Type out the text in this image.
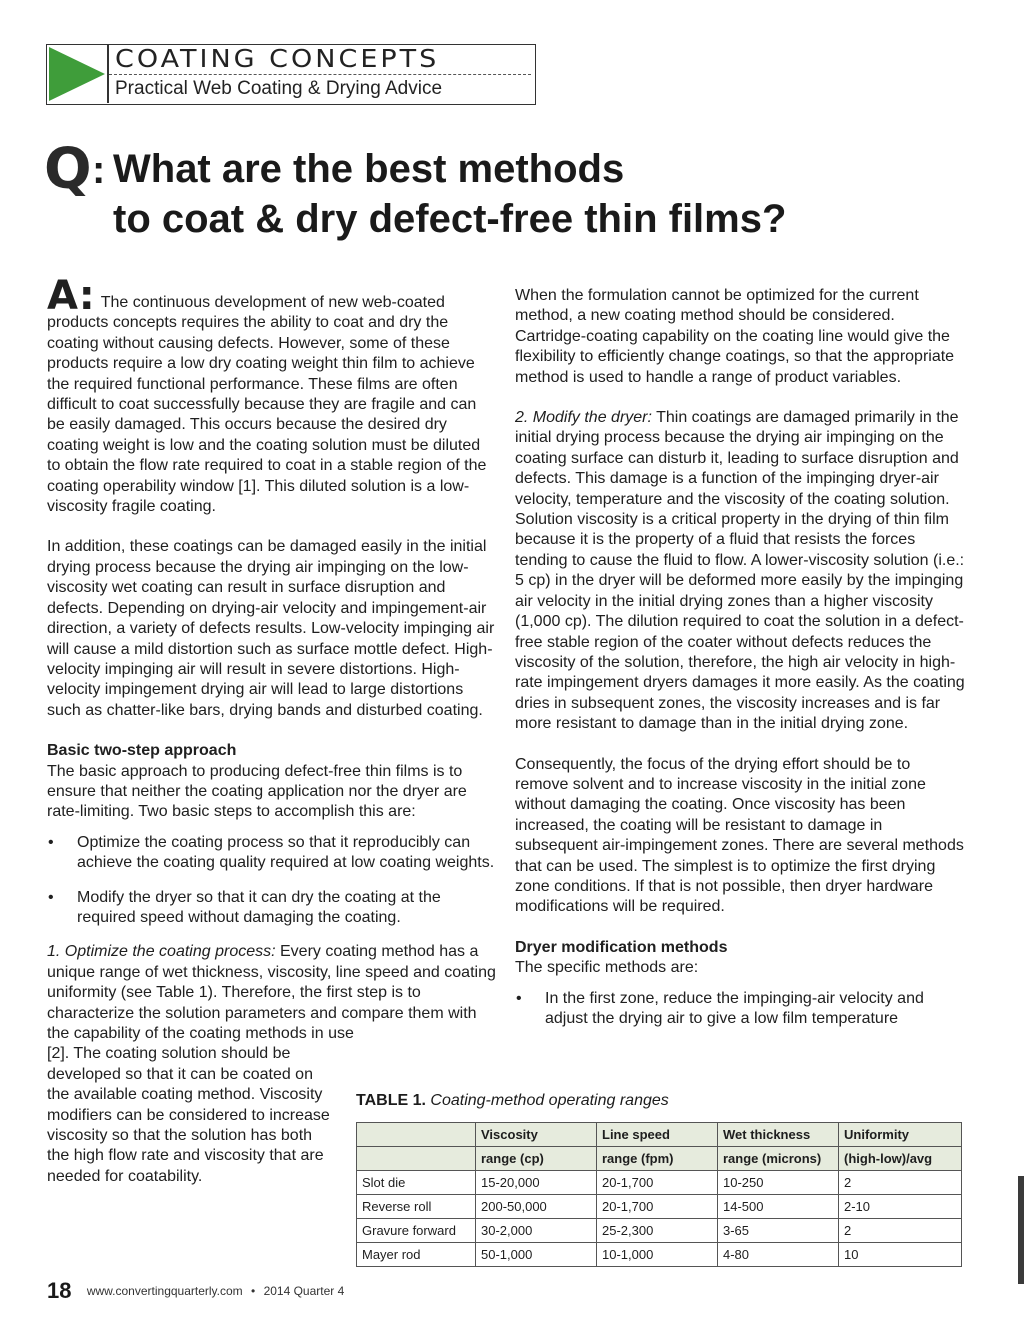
COATING CONCEPTS
Practical Web Coating & Drying Advice
Q : What are the best methods
to coat & dry defect-free thin films?

A: The continuous development of new web-coated products concepts requires the ability to coat and dry the coating without causing defects. However, some of these products require a low dry coating weight thin film to achieve the required functional performance. These films are often difficult to coat successfully because they are fragile and can be easily damaged. This occurs because the desired dry coating weight is low and the coating solution must be diluted to obtain the flow rate required to coat in a stable region of the coating operability window [1]. This diluted solution is a low-viscosity fragile coating.

In addition, these coatings can be damaged easily in the initial drying process because the drying air impinging on the low-viscosity wet coating can result in surface disruption and defects. Depending on drying-air velocity and impingement-air direction, a variety of defects results. Low-velocity impinging air will cause a mild distortion such as surface mottle defect. High-velocity impinging air will result in severe distortions. High-velocity impingement drying air will lead to large distortions such as chatter-like bars, drying bands and disturbed coating.

Basic two-step approach

The basic approach to producing defect-free thin films is to ensure that neither the coating application nor the dryer are rate-limiting. Two basic steps to accomplish this are:

• Optimize the coating process so that it reproducibly can achieve the coating quality required at low coating weights.
• Modify the dryer so that it can dry the coating at the required speed without damaging the coating.

1. Optimize the coating process: Every coating method has a unique range of wet thickness, viscosity, line speed and coating uniformity (see Table 1). Therefore, the first step is to characterize the solution parameters and compare them with the capability of the coating methods in use

[2]. The coating solution should be developed so that it can be coated on the available coating method. Viscosity modifiers can be considered to increase viscosity so that the solution has both the high flow rate and viscosity that are needed for coatability.

When the formulation cannot be optimized for the current method, a new coating method should be considered. Cartridge-coating capability on the coating line would give the flexibility to efficiently change coatings, so that the appropriate method is used to handle a range of product variables.

2. Modify the dryer: Thin coatings are damaged primarily in the initial drying process because the drying air impinging on the coating surface can disturb it, leading to surface disruption and defects. This damage is a function of the impinging dryer-air velocity, temperature and the viscosity of the coating solution. Solution viscosity is a critical property in the drying of thin film because it is the property of a fluid that resists the forces tending to cause the fluid to flow. A lower-viscosity solution (i.e.: 5 cp) in the dryer will be deformed more easily by the impinging air velocity in the initial drying zones than a higher viscosity (1,000 cp). The dilution required to coat the solution in a defect-free stable region of the coater without defects reduces the viscosity of the solution, therefore, the high air velocity in high-rate impingement dryers damages it more easily. As the coating dries in subsequent zones, the viscosity increases and is far more resistant to damage than in the initial drying zone.

Consequently, the focus of the drying effort should be to remove solvent and to increase viscosity in the initial zone without damaging the coating. Once viscosity has been increased, the coating will be resistant to damage in subsequent air-impingement zones. There are several methods that can be used. The simplest is to optimize the first drying zone conditions. If that is not possible, then dryer hardware modifications will be required.

Dryer modification methods

The specific methods are:

• In the first zone, reduce the impinging-air velocity and adjust the drying air to give a low film temperature
TABLE 1. Coating-method operating ranges
	Viscosity	Line speed	Wet thickness	Uniformity
	range (cp)	range (fpm)	range (microns)	(high-low)/avg
Slot die	15-20,000	20-1,700	10-250	2
Reverse roll	200-50,000	20-1,700	14-500	2-10
Gravure forward	30-2,000	25-2,300	3-65	2
Mayer rod	50-1,000	10-1,000	4-80	10
18 www.convertingquarterly.com • 2014 Quarter 4
